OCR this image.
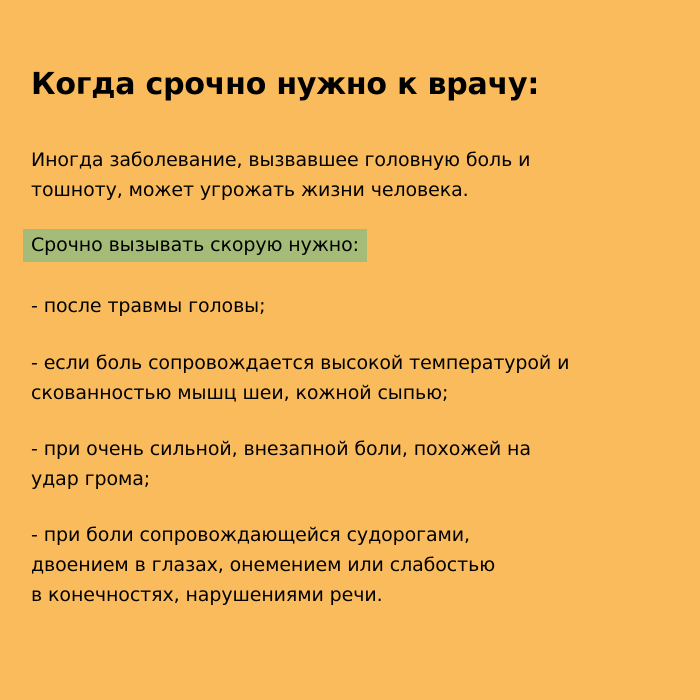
Когда срочно нужно к врачу:

Иногда заболевание, вызвавшее головную боль и
тошноту, может угрожать жизни человека.

Срочно вызывать скорую нужно:

- после травмы головы;

- если боль сопровождается высокой температурой и
скованностью мышц шеи, кожной сыпью;

- при очень сильной, внезапной боли, похожей на
удар грома;

- при боли сопровождающейся судорогами,
двоением в глазах, онемением или слабостью
в конечностях, нарушениями речи.
